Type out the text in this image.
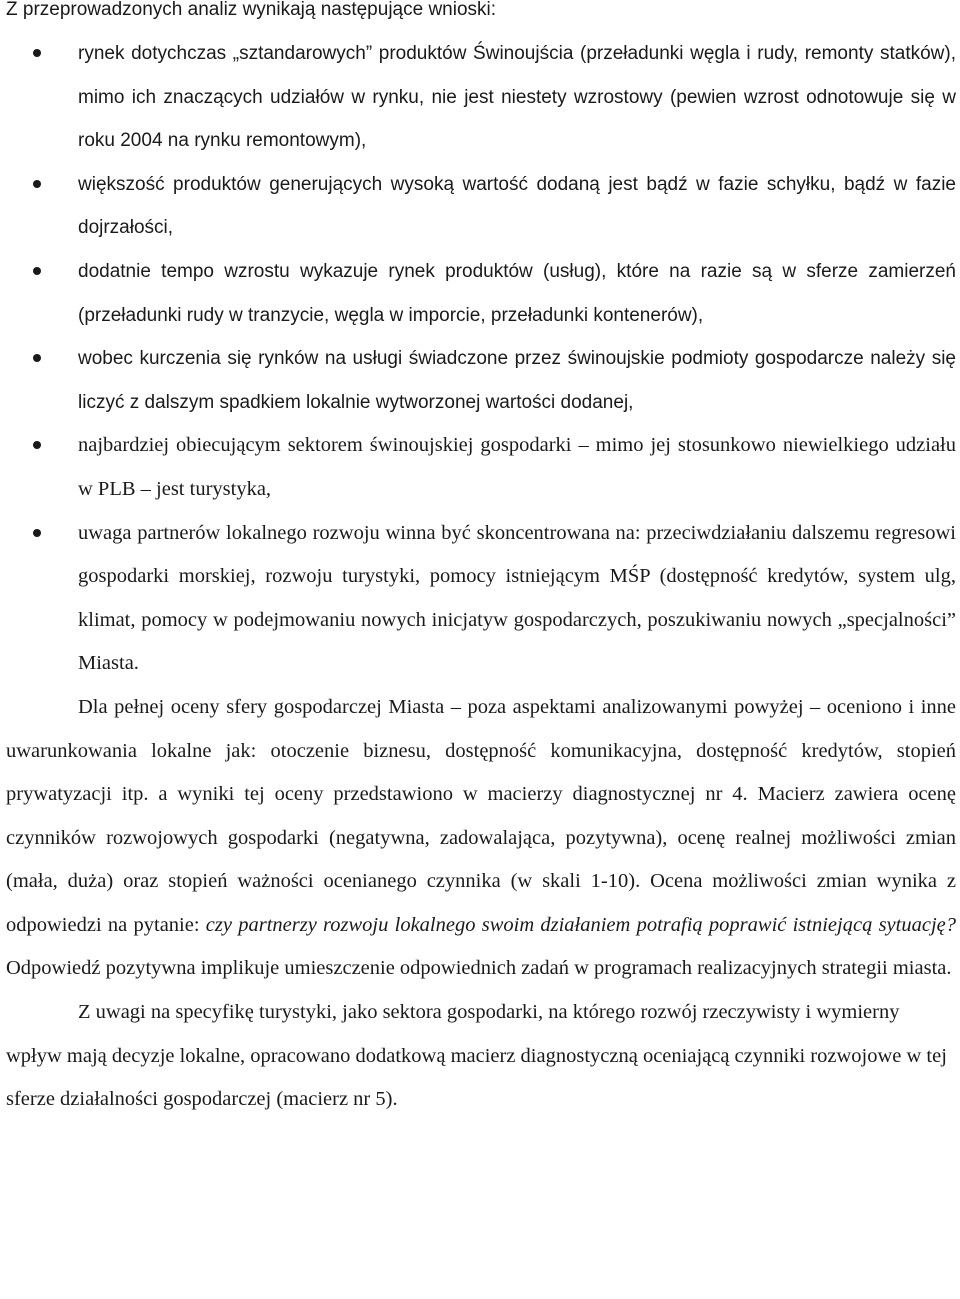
Z przeprowadzonych analiz wynikają następujące wnioski:

rynek dotychczas „sztandarowych” produktów Świnoujścia (przeładunki węgla i rudy, remonty statków), mimo ich znaczących udziałów w rynku, nie jest niestety wzrostowy (pewien wzrost odnotowuje się w roku 2004 na rynku remontowym),
większość produktów generujących wysoką wartość dodaną jest bądź w fazie schyłku, bądź w fazie dojrzałości,
dodatnie tempo wzrostu wykazuje rynek produktów (usług), które na razie są w sferze zamierzeń (przeładunki rudy w tranzycie, węgla w imporcie, przeładunki kontenerów),
wobec kurczenia się rynków na usługi świadczone przez świnoujskie podmioty gospodarcze należy się liczyć z dalszym spadkiem lokalnie wytworzonej wartości dodanej,
najbardziej obiecującym sektorem świnoujskiej gospodarki – mimo jej stosunkowo niewielkiego udziału w PLB – jest turystyka,
uwaga partnerów lokalnego rozwoju winna być skoncentrowana na: przeciwdziałaniu dalszemu regresowi gospodarki morskiej, rozwoju turystyki, pomocy istniejącym MŚP (dostępność kredytów, system ulg, klimat, pomocy w podejmowaniu nowych inicjatyw gospodarczych, poszukiwaniu nowych „specjalności” Miasta.

Dla pełnej oceny sfery gospodarczej Miasta – poza aspektami analizowanymi powyżej – oceniono i inne uwarunkowania lokalne jak: otoczenie biznesu, dostępność komunikacyjna, dostępność kredytów, stopień prywatyzacji itp. a wyniki tej oceny przedstawiono w macierzy diagnostycznej nr 4. Macierz zawiera ocenę czynników rozwojowych gospodarki (negatywna, zadowalająca, pozytywna), ocenę realnej możliwości zmian (mała, duża) oraz stopień ważności ocenianego czynnika (w skali 1-10). Ocena możliwości zmian wynika z odpowiedzi na pytanie: czy partnerzy rozwoju lokalnego swoim działaniem potrafią poprawić istniejącą sytuację? Odpowiedź pozytywna implikuje umieszczenie odpowiednich zadań w programach realizacyjnych strategii miasta.

Z uwagi na specyfikę turystyki, jako sektora gospodarki, na którego rozwój rzeczywisty i wymierny wpływ mają decyzje lokalne, opracowano dodatkową macierz diagnostyczną oceniającą czynniki rozwojowe w tej sferze działalności gospodarczej (macierz nr 5).
